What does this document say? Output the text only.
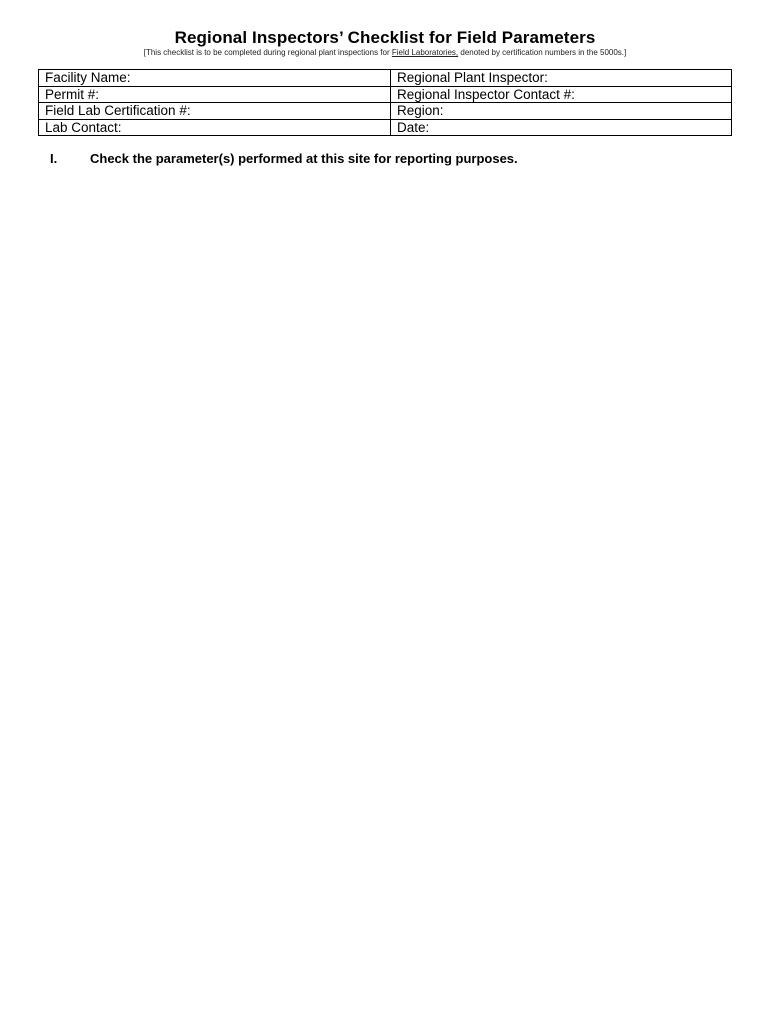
Regional Inspectors’ Checklist for Field Parameters
[This checklist is to be completed during regional plant inspections for Field Laboratories, denoted by certification numbers in the 5000s.]
Facility Name:	Regional Plant Inspector:
Permit #:	Regional Inspector Contact #:
Field Lab Certification #:	Region:
Lab Contact:	Date:
I.	Check the parameter(s) performed at this site for reporting purposes.
